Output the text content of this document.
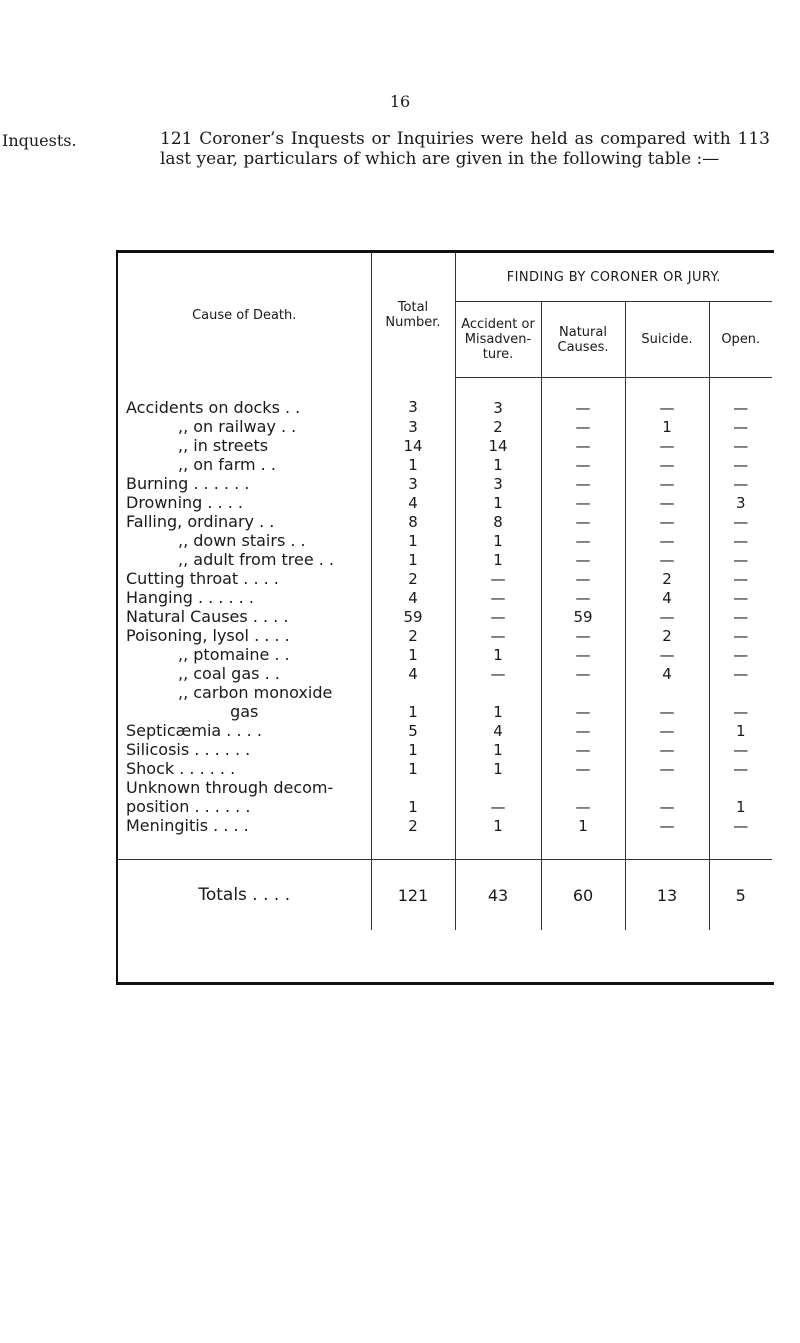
16
Inquests.	121 Coroner’s Inquests or Inquiries were held as compared with 113 last year, particulars of which are given in the following table :—
Cause of Death.	Total Number.	FINDING BY CORONER OR JURY.			
		Accident or Misadven- ture.	Natural Causes.	Suicide.	Open.
Accidents on docks . .	3	3	—	—	—
,, on railway . .	3	2	—	1	—
,, in streets	14	14	—	—	—
,, on farm . .	1	1	—	—	—
Burning . . . . . .	3	3	—	—	—
Drowning . . . .	4	1	—	—	3
Falling, ordinary . .	8	8	—	—	—
,, down stairs . .	1	1	—	—	—
,, adult from tree . .	1	1	—	—	—
Cutting throat . . . .	2	—	—	2	—
Hanging . . . . . .	4	—	—	4	—
Natural Causes . . . .	59	—	59	—	—
Poisoning, lysol . . . .	2	—	—	2	—
,, ptomaine . .	1	1	—	—	—
,, coal gas . .	4	—	—	4	—
,, carbon monoxide					
gas	1	1	—	—	—
Septicæmia . . . .	5	4	—	—	1
Silicosis . . . . . .	1	1	—	—	—
Shock . . . . . .	1	1	—	—	—
Unknown through decom-					
position . . . . . .	1	—	—	—	1
Meningitis . . . .	2	1	1	—	—

Totals . . . .	121	43	60	13	5
